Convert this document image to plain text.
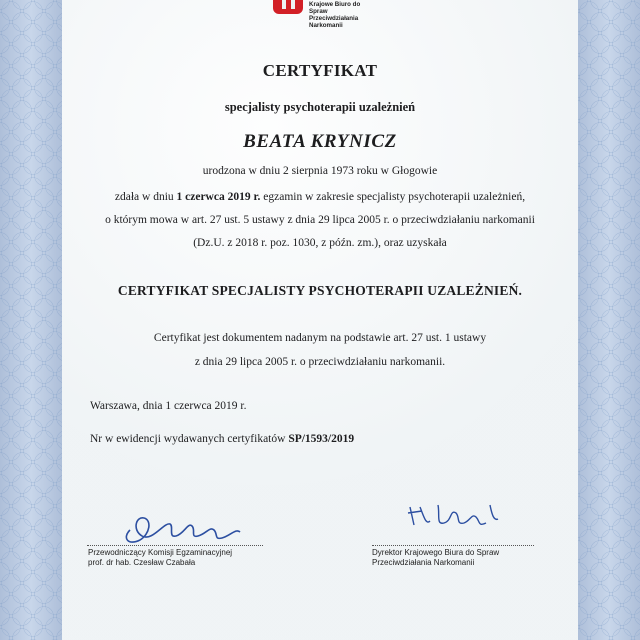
Krajowe Biuro do Spraw
Przeciwdziałania Narkomanii
CERTYFIKAT
specjalisty psychoterapii uzależnień
BEATA KRYNICZ
urodzona w dniu 2 sierpnia 1973 roku w Głogowie
zdała w dniu 1 czerwca 2019 r. egzamin w zakresie specjalisty psychoterapii uzależnień,
o którym mowa w art. 27 ust. 5 ustawy z dnia 29 lipca 2005 r. o przeciwdziałaniu narkomanii
(Dz.U. z 2018 r. poz. 1030, z późn. zm.), oraz uzyskała
CERTYFIKAT SPECJALISTY PSYCHOTERAPII UZALEŻNIEŃ.
Certyfikat jest dokumentem nadanym na podstawie art. 27 ust. 1 ustawy
z dnia 29 lipca 2005 r. o przeciwdziałaniu narkomanii.
Warszawa, dnia 1 czerwca 2019 r.
Nr w ewidencji wydawanych certyfikatów SP/1593/2019
Przewodniczący Komisji Egzaminacyjnej
prof. dr hab. Czesław Czabała
Dyrektor Krajowego Biura do Spraw
Przeciwdziałania Narkomanii
